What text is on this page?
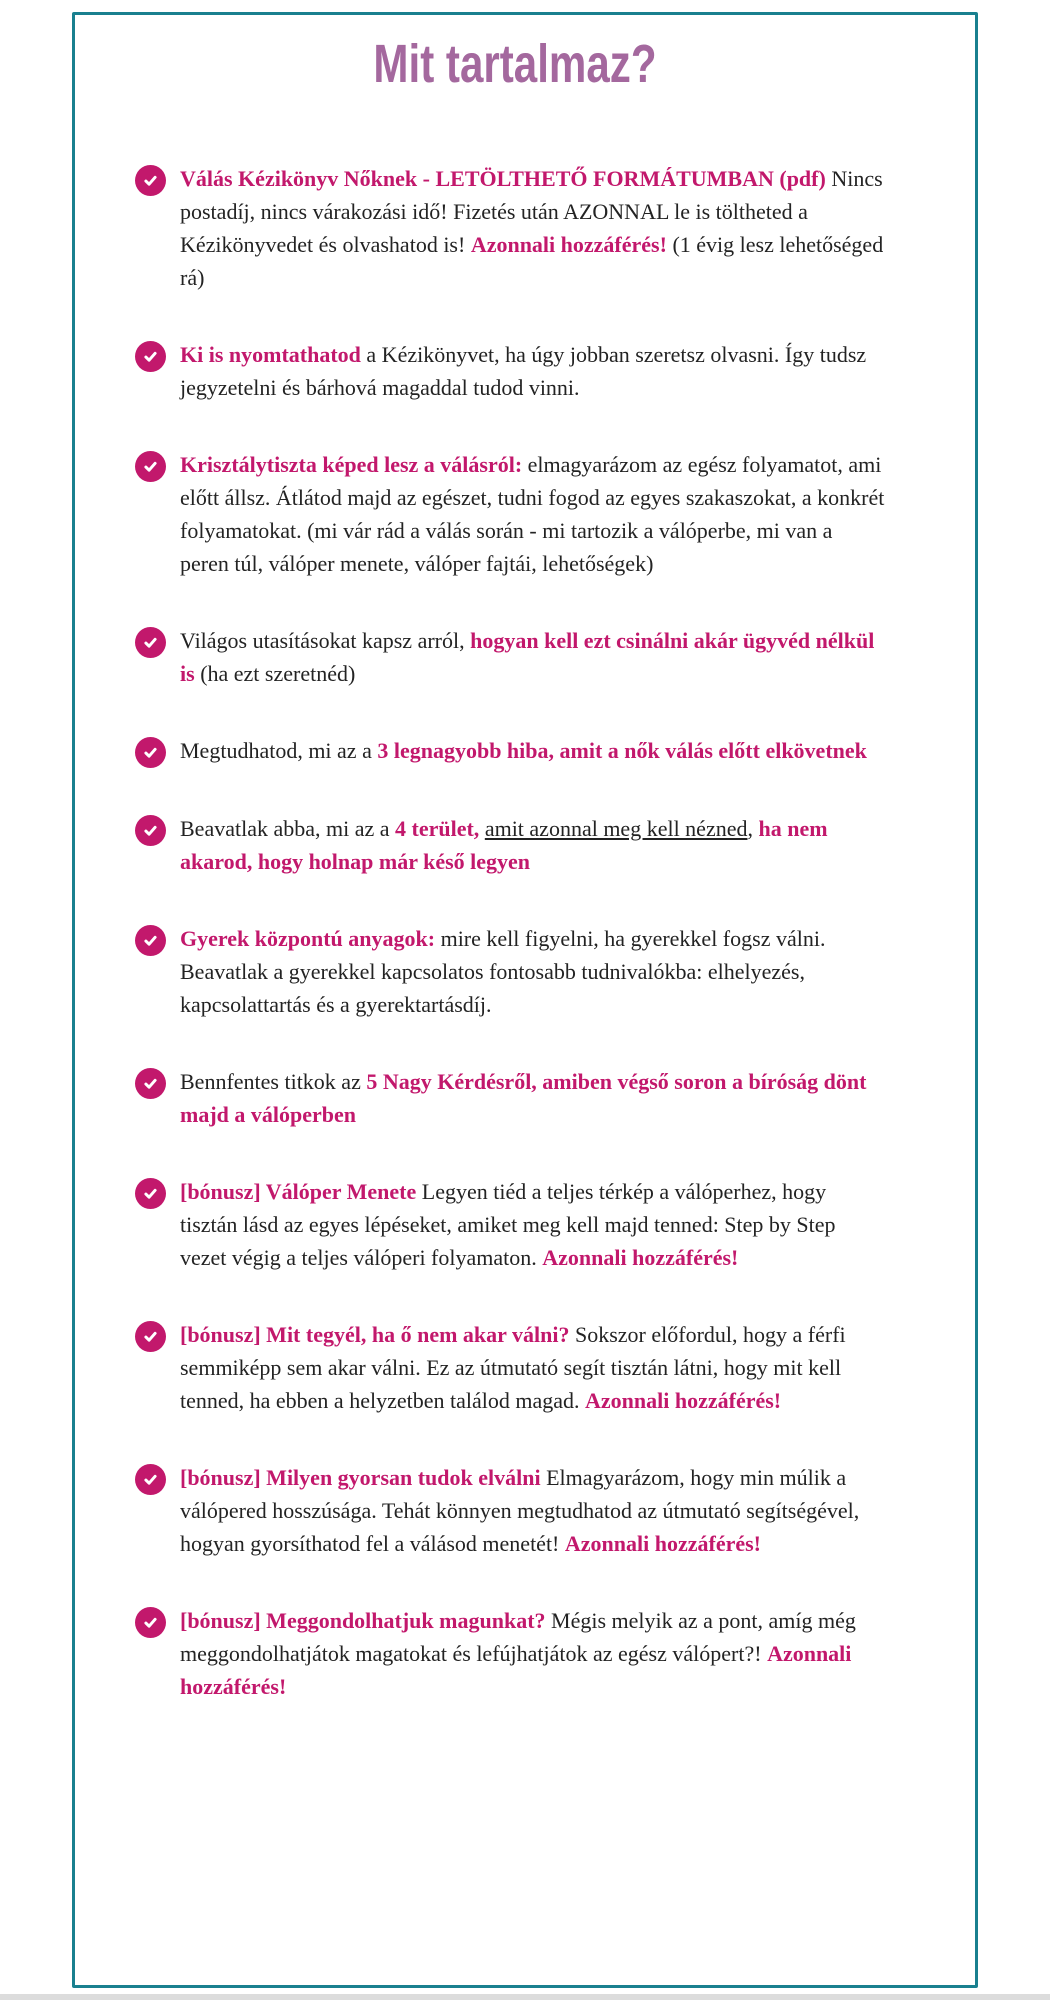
Mit tartalmaz?

Válás Kézikönyv Nőknek - LETÖLTHETŐ FORMÁTUMBAN (pdf) Nincs postadíj, nincs várakozási idő! Fizetés után AZONNAL le is töltheted a Kézikönyvedet és olvashatod is! Azonnali hozzáférés! (1 évig lesz lehetőséged rá)

Ki is nyomtathatod a Kézikönyvet, ha úgy jobban szeretsz olvasni. Így tudsz jegyzetelni és bárhová magaddal tudod vinni.

Krisztálytiszta képed lesz a válásról: elmagyarázom az egész folyamatot, ami előtt állsz. Átlátod majd az egészet, tudni fogod az egyes szakaszokat, a konkrét folyamatokat. (mi vár rád a válás során - mi tartozik a válóperbe, mi van a peren túl, válóper menete, válóper fajtái, lehetőségek)

Világos utasításokat kapsz arról, hogyan kell ezt csinálni akár ügyvéd nélkül is (ha ezt szeretnéd)

Megtudhatod, mi az a 3 legnagyobb hiba, amit a nők válás előtt elkövetnek

Beavatlak abba, mi az a 4 terület, amit azonnal meg kell nézned, ha nem akarod, hogy holnap már késő legyen

Gyerek központú anyagok: mire kell figyelni, ha gyerekkel fogsz válni. Beavatlak a gyerekkel kapcsolatos fontosabb tudnivalókba: elhelyezés, kapcsolattartás és a gyerektartásdíj.

Bennfentes titkok az 5 Nagy Kérdésről, amiben végső soron a bíróság dönt majd a válóperben

[bónusz] Válóper Menete Legyen tiéd a teljes térkép a válóperhez, hogy tisztán lásd az egyes lépéseket, amiket meg kell majd tenned: Step by Step vezet végig a teljes válóperi folyamaton. Azonnali hozzáférés!

[bónusz] Mit tegyél, ha ő nem akar válni? Sokszor előfordul, hogy a férfi semmiképp sem akar válni. Ez az útmutató segít tisztán látni, hogy mit kell tenned, ha ebben a helyzetben találod magad. Azonnali hozzáférés!

[bónusz] Milyen gyorsan tudok elválni Elmagyarázom, hogy min múlik a válópered hosszúsága. Tehát könnyen megtudhatod az útmutató segítségével, hogyan gyorsíthatod fel a válásod menetét! Azonnali hozzáférés!

[bónusz] Meggondolhatjuk magunkat? Mégis melyik az a pont, amíg még meggondolhatjátok magatokat és lefújhatjátok az egész válópert?! Azonnali hozzáférés!
